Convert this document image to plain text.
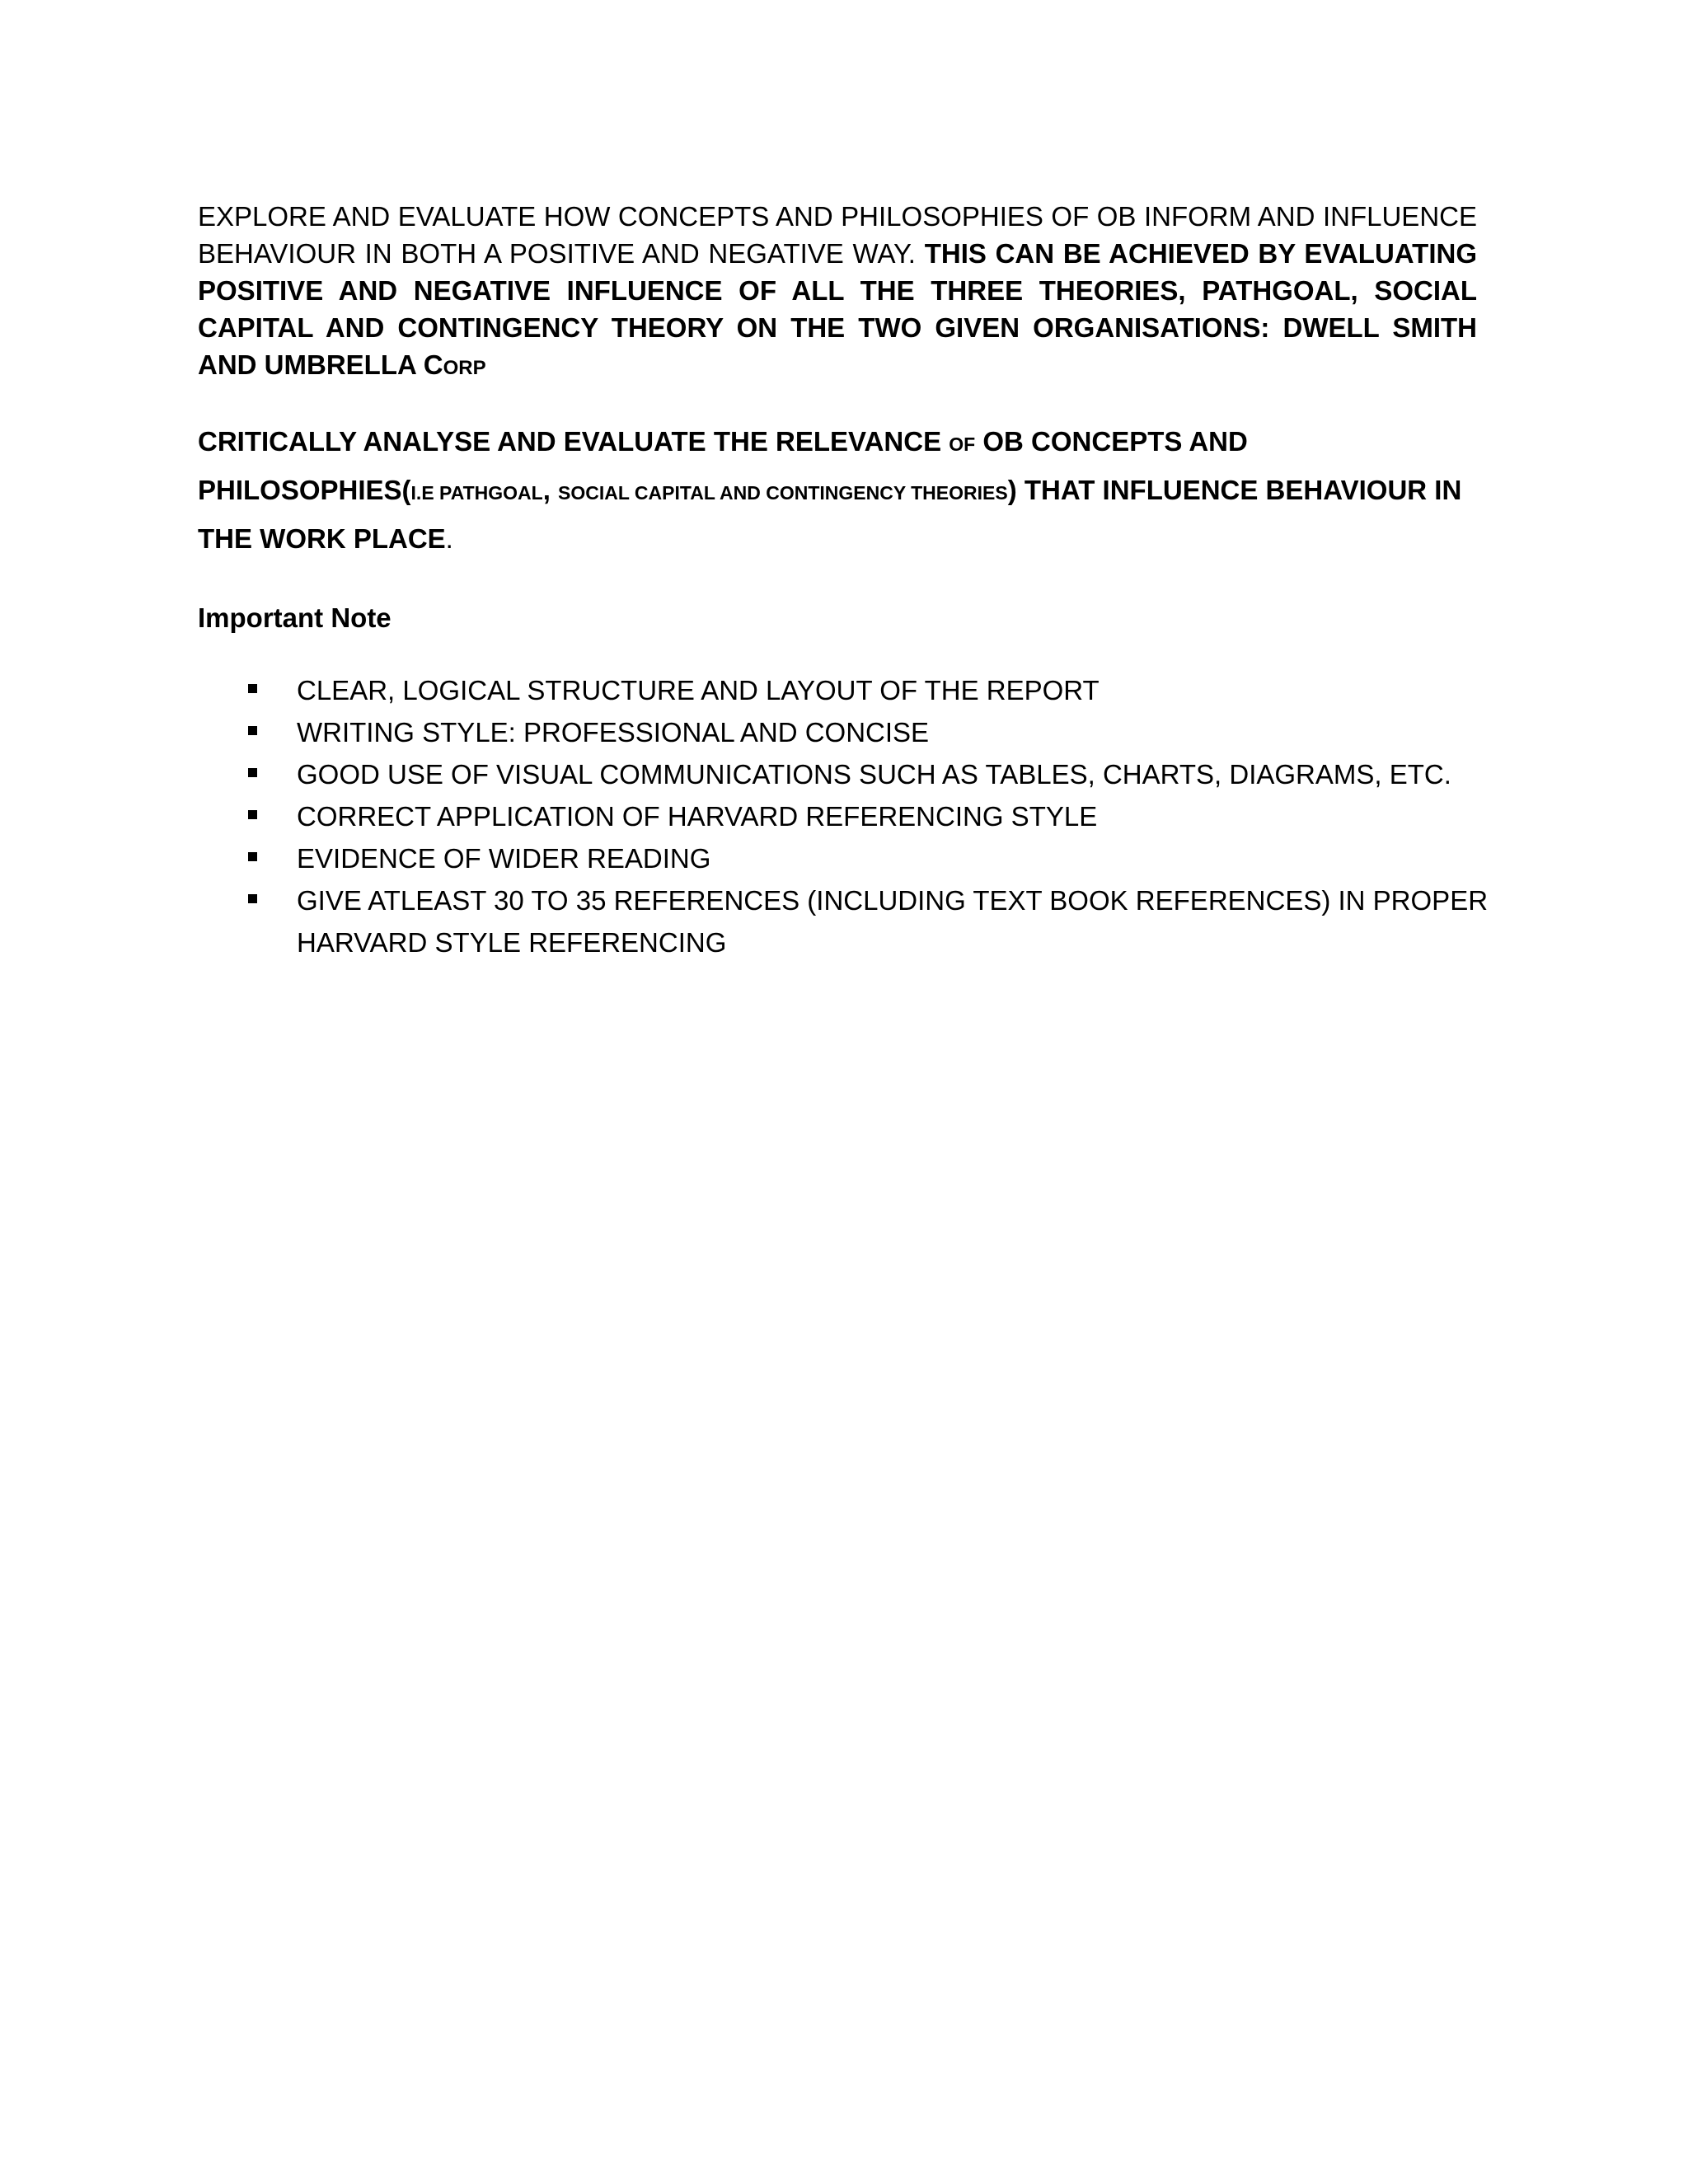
EXPLORE AND EVALUATE HOW CONCEPTS AND PHILOSOPHIES OF OB INFORM AND INFLUENCE BEHAVIOUR IN BOTH A POSITIVE AND NEGATIVE WAY. THIS CAN BE ACHIEVED BY EVALUATING POSITIVE AND NEGATIVE INFLUENCE OF ALL THE THREE THEORIES, PATHGOAL, SOCIAL CAPITAL AND CONTINGENCY THEORY ON THE TWO GIVEN ORGANISATIONS: DWELL SMITH AND UMBRELLA CORP

CRITICALLY ANALYSE AND EVALUATE THE RELEVANCE OF OB CONCEPTS AND PHILOSOPHIES(I.E PATHGOAL, SOCIAL CAPITAL AND CONTINGENCY THEORIES) THAT INFLUENCE BEHAVIOUR IN THE WORK PLACE.

Important Note
CLEAR, LOGICAL STRUCTURE AND LAYOUT OF THE REPORT
WRITING STYLE: PROFESSIONAL AND CONCISE
GOOD USE OF VISUAL COMMUNICATIONS SUCH AS TABLES, CHARTS, DIAGRAMS, ETC.
CORRECT APPLICATION OF HARVARD REFERENCING STYLE
EVIDENCE OF WIDER READING
GIVE ATLEAST 30 TO 35 REFERENCES (INCLUDING TEXT BOOK REFERENCES) IN PROPER HARVARD STYLE REFERENCING
